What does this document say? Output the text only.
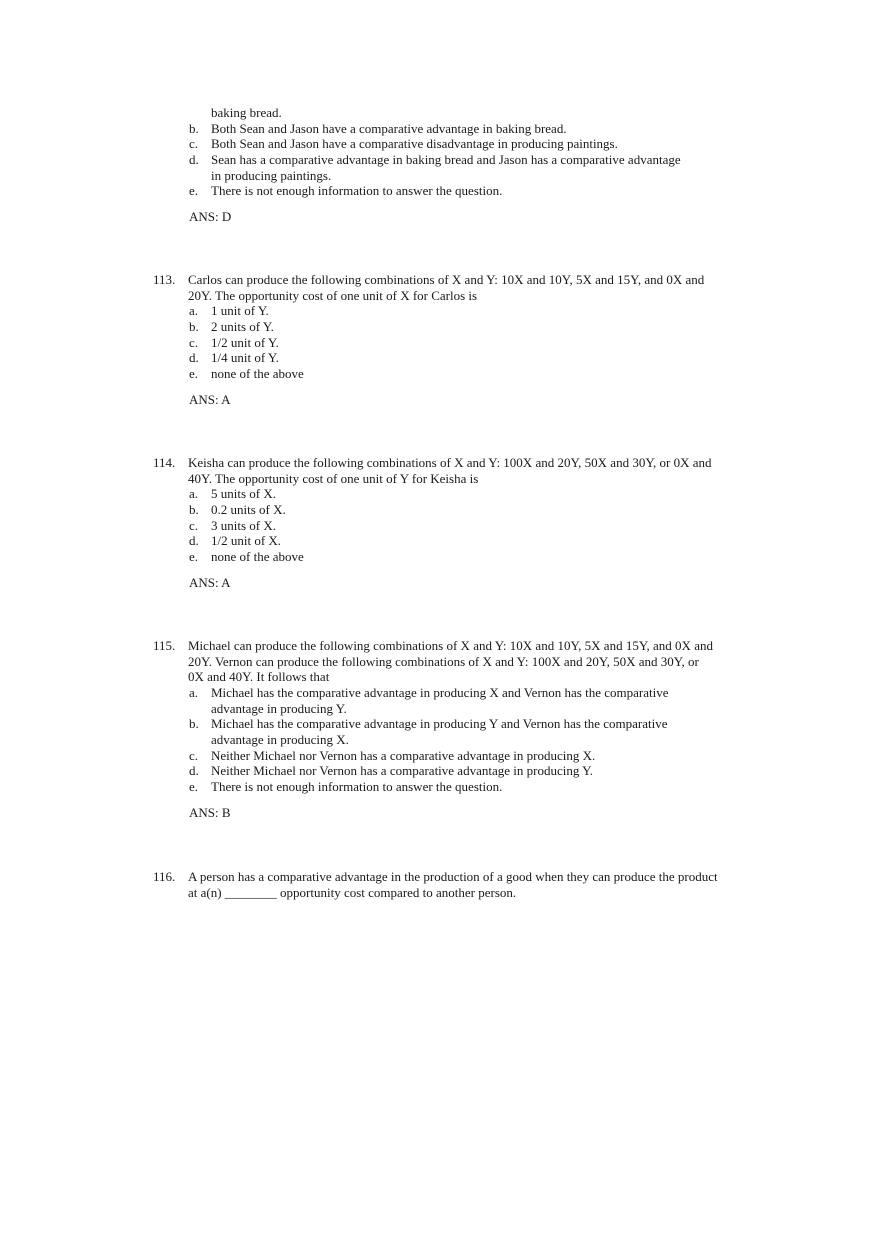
baking bread.
b. Both Sean and Jason have a comparative advantage in baking bread.
c. Both Sean and Jason have a comparative disadvantage in producing paintings.
d. Sean has a comparative advantage in baking bread and Jason has a comparative advantage
in producing paintings.
e. There is not enough information to answer the question.
ANS: D
113. Carlos can produce the following combinations of X and Y: 10X and 10Y, 5X and 15Y, and 0X and
20Y. The opportunity cost of one unit of X for Carlos is
a. 1 unit of Y.
b. 2 units of Y.
c. 1/2 unit of Y.
d. 1/4 unit of Y.
e. none of the above
ANS: A
114. Keisha can produce the following combinations of X and Y: 100X and 20Y, 50X and 30Y, or 0X and
40Y. The opportunity cost of one unit of Y for Keisha is
a. 5 units of X.
b. 0.2 units of X.
c. 3 units of X.
d. 1/2 unit of X.
e. none of the above
ANS: A
115. Michael can produce the following combinations of X and Y: 10X and 10Y, 5X and 15Y, and 0X and
20Y. Vernon can produce the following combinations of X and Y: 100X and 20Y, 50X and 30Y, or
0X and 40Y. It follows that
a. Michael has the comparative advantage in producing X and Vernon has the comparative
advantage in producing Y.
b. Michael has the comparative advantage in producing Y and Vernon has the comparative
advantage in producing X.
c. Neither Michael nor Vernon has a comparative advantage in producing X.
d. Neither Michael nor Vernon has a comparative advantage in producing Y.
e. There is not enough information to answer the question.
ANS: B
116. A person has a comparative advantage in the production of a good when they can produce the product
at a(n) ________ opportunity cost compared to another person.
